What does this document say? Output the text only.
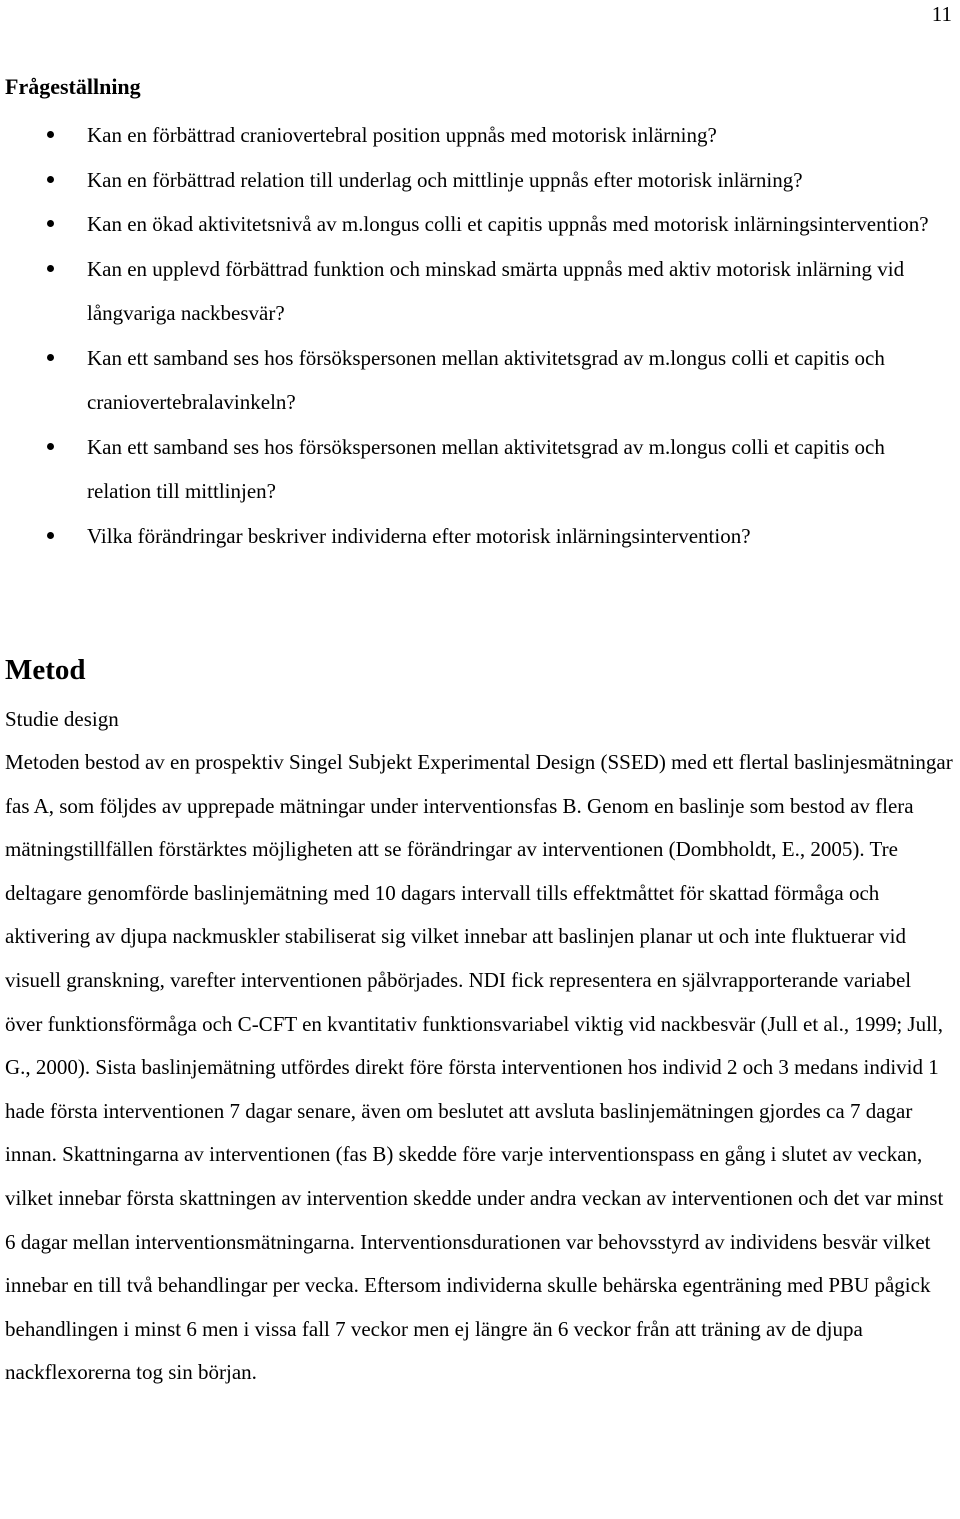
11
Frågeställning
Kan en förbättrad craniovertebral position uppnås med motorisk inlärning?
Kan en förbättrad relation till underlag och mittlinje uppnås efter motorisk inlärning?
Kan en ökad aktivitetsnivå av m.longus colli et capitis uppnås med motorisk inlärningsintervention?
Kan en upplevd förbättrad funktion och minskad smärta uppnås med aktiv motorisk inlärning vid långvariga nackbesvär?
Kan ett samband ses hos försökspersonen mellan aktivitetsgrad av m.longus colli et capitis och craniovertebralavinkeln?
Kan ett samband ses hos försökspersonen mellan aktivitetsgrad av m.longus colli et capitis och relation till mittlinjen?
Vilka förändringar beskriver individerna efter motorisk inlärningsintervention?
Metod
Studie design

Metoden bestod av en prospektiv Singel Subjekt Experimental Design (SSED) med ett flertal baslinjesmätningar fas A, som följdes av upprepade mätningar under interventionsfas B. Genom en baslinje som bestod av flera mätningstillfällen förstärktes möjligheten att se förändringar av interventionen (Dombholdt, E., 2005). Tre deltagare genomförde baslinjemätning med 10 dagars intervall tills effektmåttet för skattad förmåga och aktivering av djupa nackmuskler stabiliserat sig vilket innebar att baslinjen planar ut och inte fluktuerar vid visuell granskning, varefter interventionen påbörjades. NDI fick representera en självrapporterande variabel över funktionsförmåga och C-CFT en kvantitativ funktionsvariabel viktig vid nackbesvär (Jull et al., 1999; Jull, G., 2000). Sista baslinjemätning utfördes direkt före första interventionen hos individ 2 och 3 medans individ 1 hade första interventionen 7 dagar senare, även om beslutet att avsluta baslinjemätningen gjordes ca 7 dagar innan. Skattningarna av interventionen (fas B) skedde före varje interventionspass en gång i slutet av veckan, vilket innebar första skattningen av intervention skedde under andra veckan av interventionen och det var minst 6 dagar mellan interventionsmätningarna. Interventionsdurationen var behovsstyrd av individens besvär vilket innebar en till två behandlingar per vecka. Eftersom individerna skulle behärska egenträning med PBU pågick behandlingen i minst 6 men i vissa fall 7 veckor men ej längre än 6 veckor från att träning av de djupa nackflexorerna tog sin början.
